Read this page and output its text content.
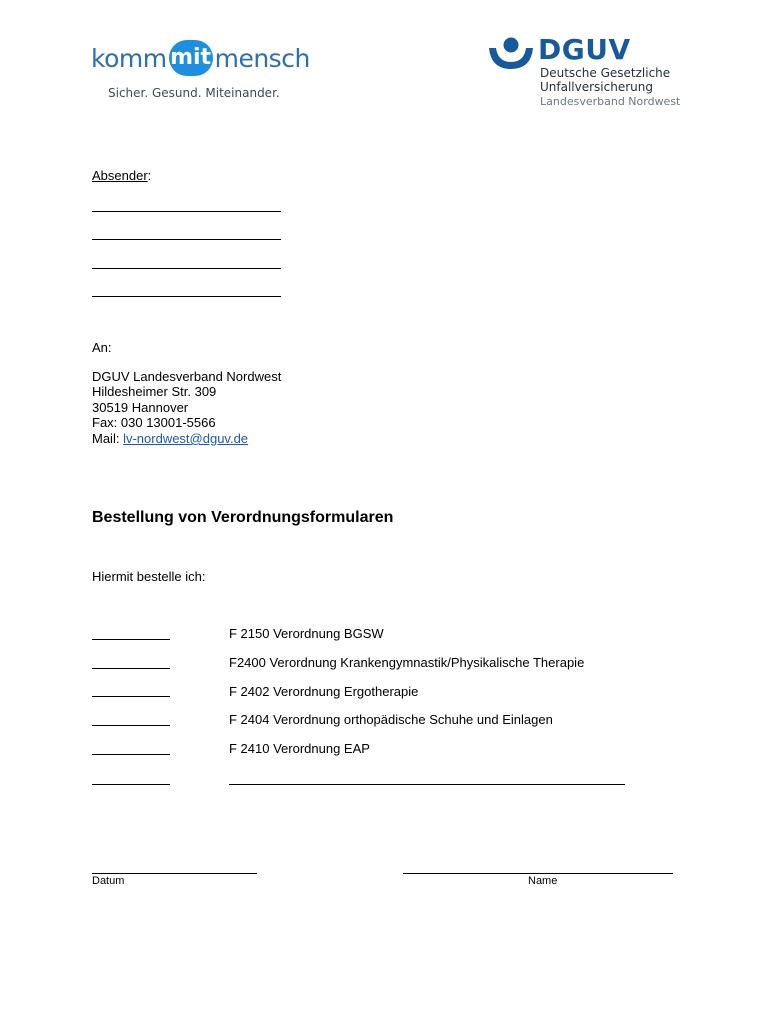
komm mit mensch
Sicher. Gesund. Miteinander.
DGUV
Deutsche Gesetzliche
Unfallversicherung
Landesverband Nordwest
Absender:
An:
DGUV Landesverband Nordwest
Hildesheimer Str. 309
30519 Hannover
Fax: 030 13001-5566
Mail: lv-nordwest@dguv.de
Bestellung von Verordnungsformularen
Hiermit bestelle ich:
F 2150 Verordnung BGSW
F2400 Verordnung Krankengymnastik/Physikalische Therapie
F 2402 Verordnung Ergotherapie
F 2404 Verordnung orthopädische Schuhe und Einlagen
F 2410 Verordnung EAP
Datum	Name
